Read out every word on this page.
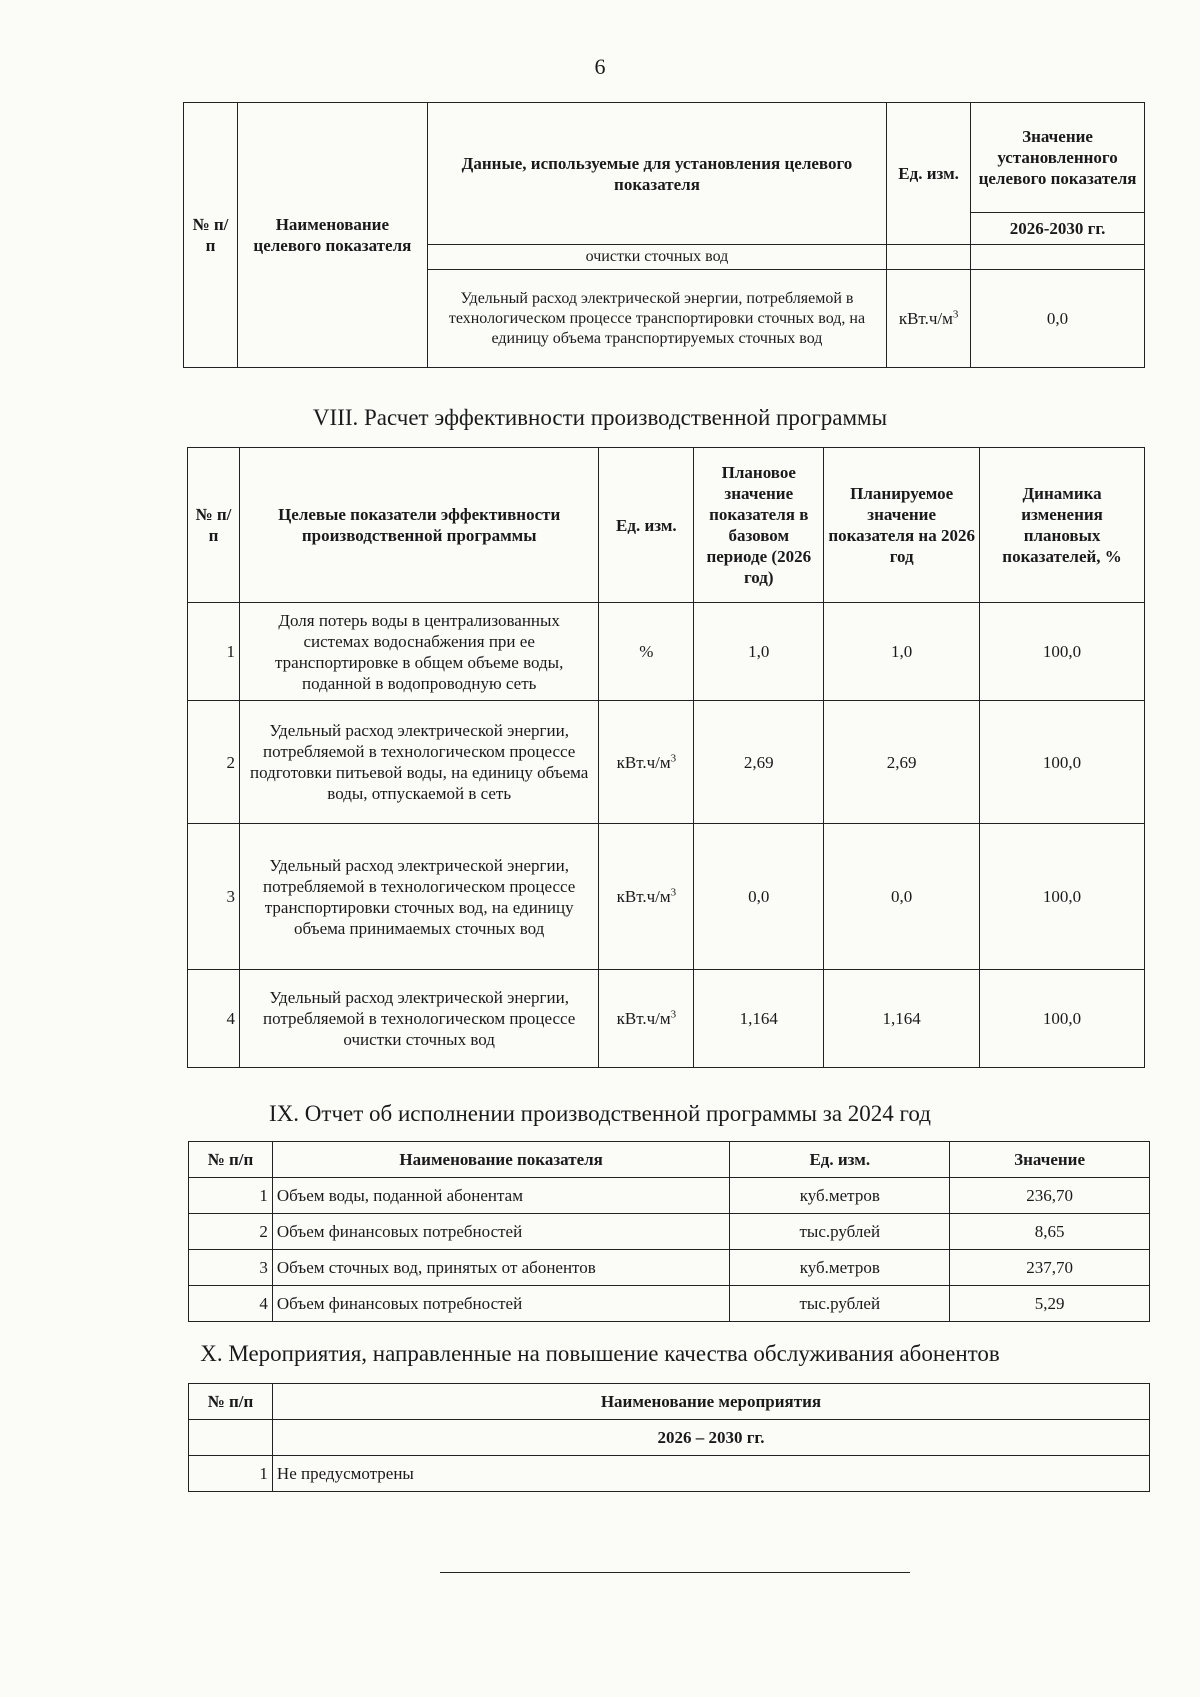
6
№ п/п	Наименование целевого показателя	Данные, используемые для установления целевого показателя	Ед. изм.	Значение установленного целевого показателя
				2026-2030 гг.
		очистки сточных вод		
		Удельный расход электрической энергии, потребляемой в технологическом процессе транспортировки сточных вод, на единицу объема транспортируемых сточных вод	$кВт.ч/м^3$	0,0
VIII. Расчет эффективности производственной программы
№ п/п	Целевые показатели эффективности производственной программы	Ед. изм.	Плановое значение показателя в базовом периоде (2026 год)	Планируемое значение показателя на 2026 год	Динамика изменения плановых показателей, %
1	Доля потерь воды в централизованных системах водоснабжения при ее транспортировке в общем объеме воды, поданной в водопроводную сеть	%	1,0	1,0	100,0
2	Удельный расход электрической энергии, потребляемой в технологическом процессе подготовки питьевой воды, на единицу объема воды, отпускаемой в сеть	$кВт.ч/м^3$	2,69	2,69	100,0
3	Удельный расход электрической энергии, потребляемой в технологическом процессе транспортировки сточных вод, на единицу объема принимаемых сточных вод	$кВт.ч/м^3$	0,0	0,0	100,0
4	Удельный расход электрической энергии, потребляемой в технологическом процессе очистки сточных вод	$кВт.ч/м^3$	1,164	1,164	100,0
IX. Отчет об исполнении производственной программы за 2024 год
№ п/п	Наименование показателя	Ед. изм.	Значение
1	Объем воды, поданной абонентам	куб.метров	236,70
2	Объем финансовых потребностей	тыс.рублей	8,65
3	Объем сточных вод, принятых от абонентов	куб.метров	237,70
4	Объем финансовых потребностей	тыс.рублей	5,29
X. Мероприятия, направленные на повышение качества обслуживания абонентов
№ п/п	Наименование мероприятия
	2026 – 2030 гг.
1	Не предусмотрены
